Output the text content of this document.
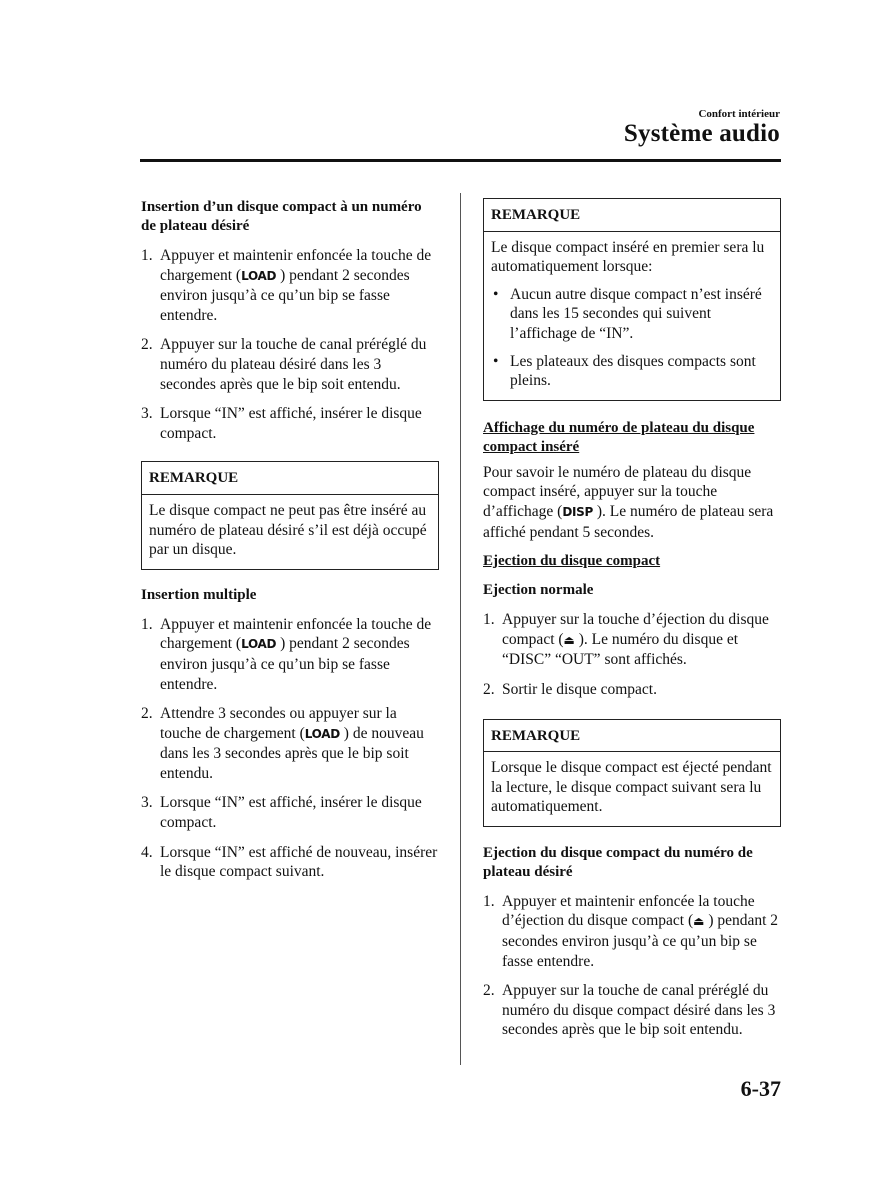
Confort intérieur
Système audio

Insertion d’un disque compact à un numéro de plateau désiré

1. Appuyer et maintenir enfoncée la touche de chargement (LOAD ) pendant 2 secondes environ jusqu’à ce qu’un bip se fasse entendre.
2. Appuyer sur la touche de canal préréglé du numéro du plateau désiré dans les 3 secondes après que le bip soit entendu.
3. Lorsque “IN” est affiché, insérer le disque compact.
REMARQUE
Le disque compact ne peut pas être inséré au numéro de plateau désiré s’il est déjà occupé par un disque.

Insertion multiple

1. Appuyer et maintenir enfoncée la touche de chargement (LOAD ) pendant 2 secondes environ jusqu’à ce qu’un bip se fasse entendre.
2. Attendre 3 secondes ou appuyer sur la touche de chargement (LOAD ) de nouveau dans les 3 secondes après que le bip soit entendu.
3. Lorsque “IN” est affiché, insérer le disque compact.
4. Lorsque “IN” est affiché de nouveau, insérer le disque compact suivant.
REMARQUE

Le disque compact inséré en premier sera lu automatiquement lorsque:

• Aucun autre disque compact n’est inséré dans les 15 secondes qui suivent l’affichage de “IN”.
• Les plateaux des disques compacts sont pleins.

Affichage du numéro de plateau du disque compact inséré

Pour savoir le numéro de plateau du disque compact inséré, appuyer sur la touche d’affichage (DISP ). Le numéro de plateau sera affiché pendant 5 secondes.

Ejection du disque compact

Ejection normale

1. Appuyer sur la touche d’éjection du disque compact (⏏ ). Le numéro du disque et “DISC” “OUT” sont affichés.
2. Sortir le disque compact.
REMARQUE
Lorsque le disque compact est éjecté pendant la lecture, le disque compact suivant sera lu automatiquement.

Ejection du disque compact du numéro de plateau désiré

1. Appuyer et maintenir enfoncée la touche d’éjection du disque compact (⏏ ) pendant 2 secondes environ jusqu’à ce qu’un bip se fasse entendre.
2. Appuyer sur la touche de canal préréglé du numéro du disque compact désiré dans les 3 secondes après que le bip soit entendu.
6-37
